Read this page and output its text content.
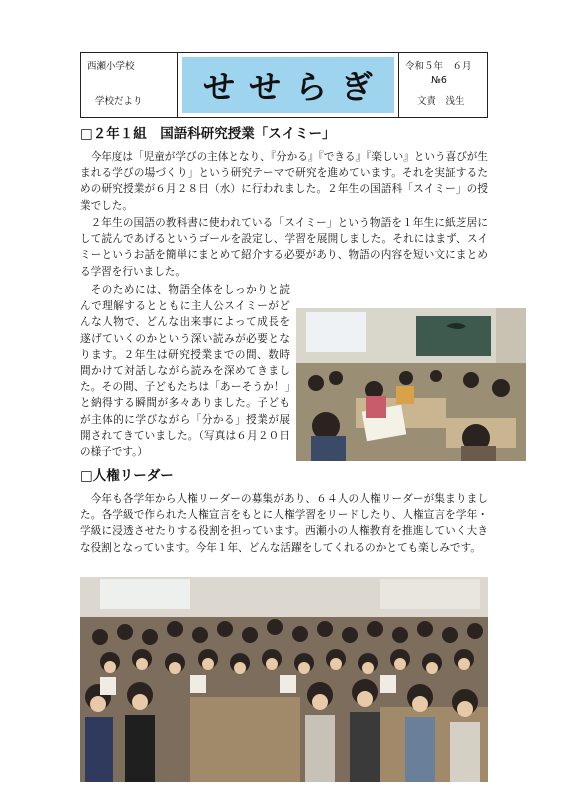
西瀬小学校
学校だより	せせらぎ
令和５年　６月
№6
文責　浅生
□２年１組　国語科研究授業「スイミー」

今年度は「児童が学びの主体となり、『分かる』『できる』『楽しい』という喜びが生まれる学びの場づくり」という研究テーマで研究を進めています。それを実証するための研究授業が６月２８日（水）に行われました。２年生の国語科「スイミー」の授業でした。

２年生の国語の教科書に使われている「スイミー」という物語を１年生に紙芝居にして読んであげるというゴールを設定し、学習を展開しました。それにはまず、スイミーというお話を簡単にまとめて紹介する必要があり、物語の内容を短い文にまとめる学習を行いました。

そのためには、物語全体をしっかりと読んで理解するとともに主人公スイミーがどんな人物で、どんな出来事によって成長を遂げていくのかという深い読みが必要となります。２年生は研究授業までの間、数時間かけて対話しながら読みを深めてきました。その間、子どもたちは「あーそうか！」と納得する瞬間が多々ありました。子どもが主体的に学びながら「分かる」授業が展開されてきていました。（写真は６月２０日の様子です。）

□人権リーダー

今年も各学年から人権リーダーの募集があり、６４人の人権リーダーが集まりました。各学級で作られた人権宣言をもとに人権学習をリードしたり、人権宣言を学年・学級に浸透させたりする役割を担っています。西瀬小の人権教育を推進していく大きな役割となっています。今年１年、どんな活躍をしてくれるのかとても楽しみです。
